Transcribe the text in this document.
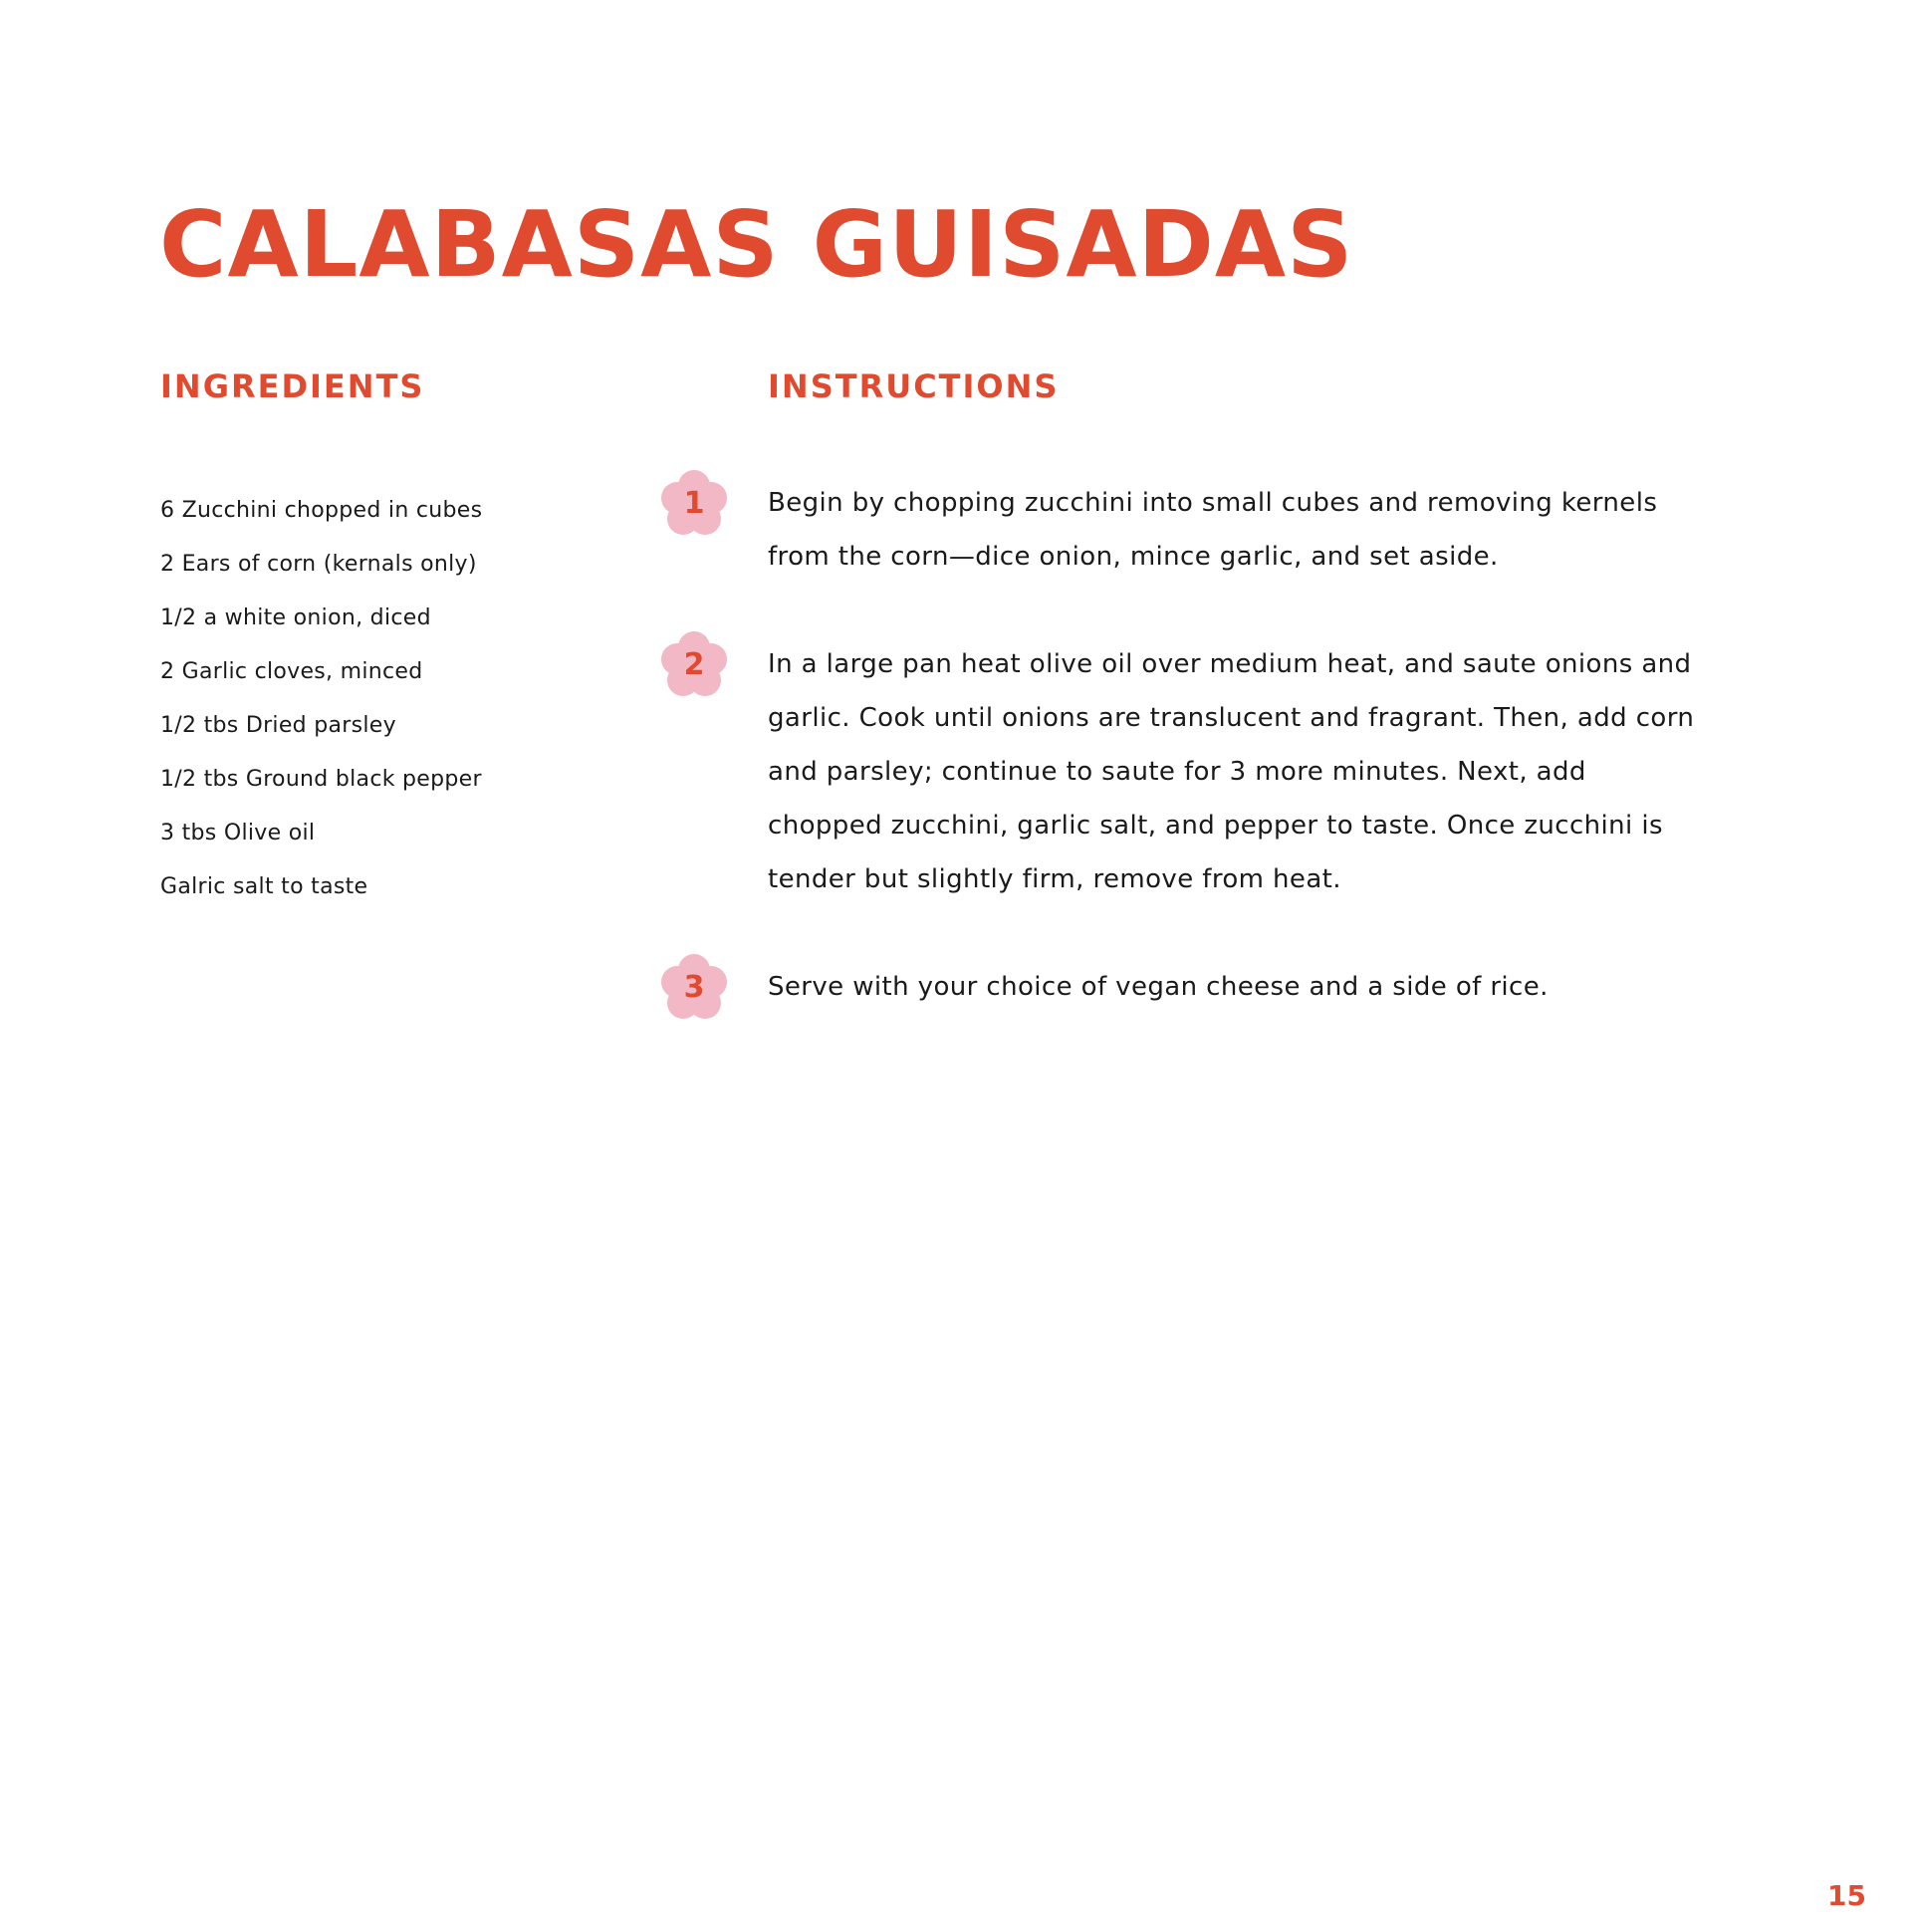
CALABASAS GUISADAS
INGREDIENTS	INSTRUCTIONS
6 Zucchini chopped in cubes
2 Ears of corn (kernals only)
1/2 a white onion, diced
2 Garlic cloves, minced
1/2 tbs Dried parsley
1/2 tbs Ground black pepper
3 tbs Olive oil
Galric salt to taste
1	Begin by chopping zucchini into small cubes and removing kernels from the corn—dice onion, mince garlic, and set aside.

2	In a large pan heat olive oil over medium heat, and saute onions and garlic. Cook until onions are translucent and fragrant. Then, add corn and parsley; continue to saute for 3 more minutes. Next, add chopped zucchini, garlic salt, and pepper to taste. Once zucchini is tender but slightly firm, remove from heat.

3	Serve with your choice of vegan cheese and a side of rice.

15
